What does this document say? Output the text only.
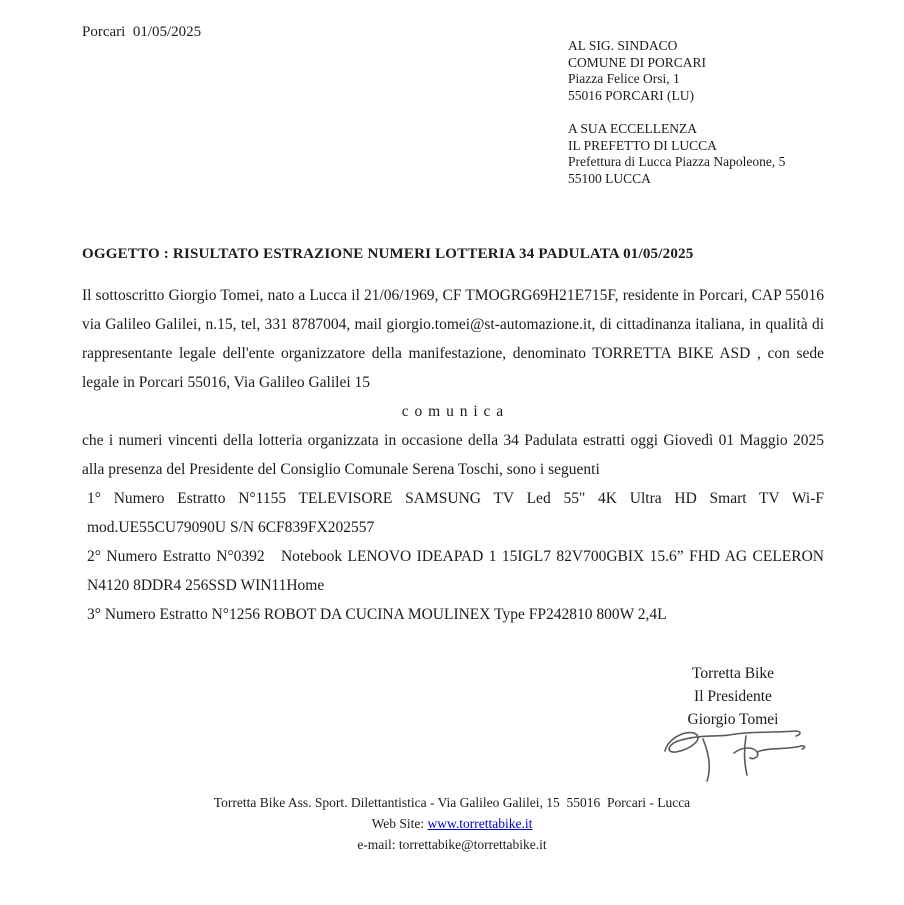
Porcari  01/05/2025
AL SIG. SINDACO
COMUNE DI PORCARI
Piazza Felice Orsi, 1
55016 PORCARI (LU)
A SUA ECCELLENZA
IL PREFETTO DI LUCCA
Prefettura di Lucca Piazza Napoleone, 5
55100 LUCCA
OGGETTO : RISULTATO ESTRAZIONE NUMERI LOTTERIA 34 PADULATA 01/05/2025

Il sottoscritto Giorgio Tomei, nato a Lucca il 21/06/1969, CF TMOGRG69H21E715F, residente in Porcari, CAP 55016 via Galileo Galilei, n.15, tel, 331 8787004, mail giorgio.tomei@st-automazione.it, di cittadinanza italiana, in qualità di rappresentante legale dell'ente organizzatore della manifestazione, denominato TORRETTA BIKE ASD , con sede legale in Porcari 55016, Via Galileo Galilei 15

c o m u n i c a

che i numeri vincenti della lotteria organizzata in occasione della 34 Padulata estratti oggi Giovedì 01 Maggio 2025 alla presenza del Presidente del Consiglio Comunale Serena Toschi, sono i seguenti

1° Numero Estratto N°1155 TELEVISORE SAMSUNG TV Led 55" 4K Ultra HD Smart TV Wi-F mod.UE55CU79090U S/N 6CF839FX202557

2° Numero Estratto N°0392   Notebook LENOVO IDEAPAD 1 15IGL7 82V700GBIX 15.6” FHD AG CELERON N4120 8DDR4 256SSD WIN11Home

3° Numero Estratto N°1256 ROBOT DA CUCINA MOULINEX Type FP242810 800W 2,4L

Torretta Bike
Il Presidente
Giorgio Tomei
Torretta Bike Ass. Sport. Dilettantistica - Via Galileo Galilei, 15  55016  Porcari - Lucca
Web Site: www.torrettabike.it
e-mail: torrettabike@torrettabike.it
